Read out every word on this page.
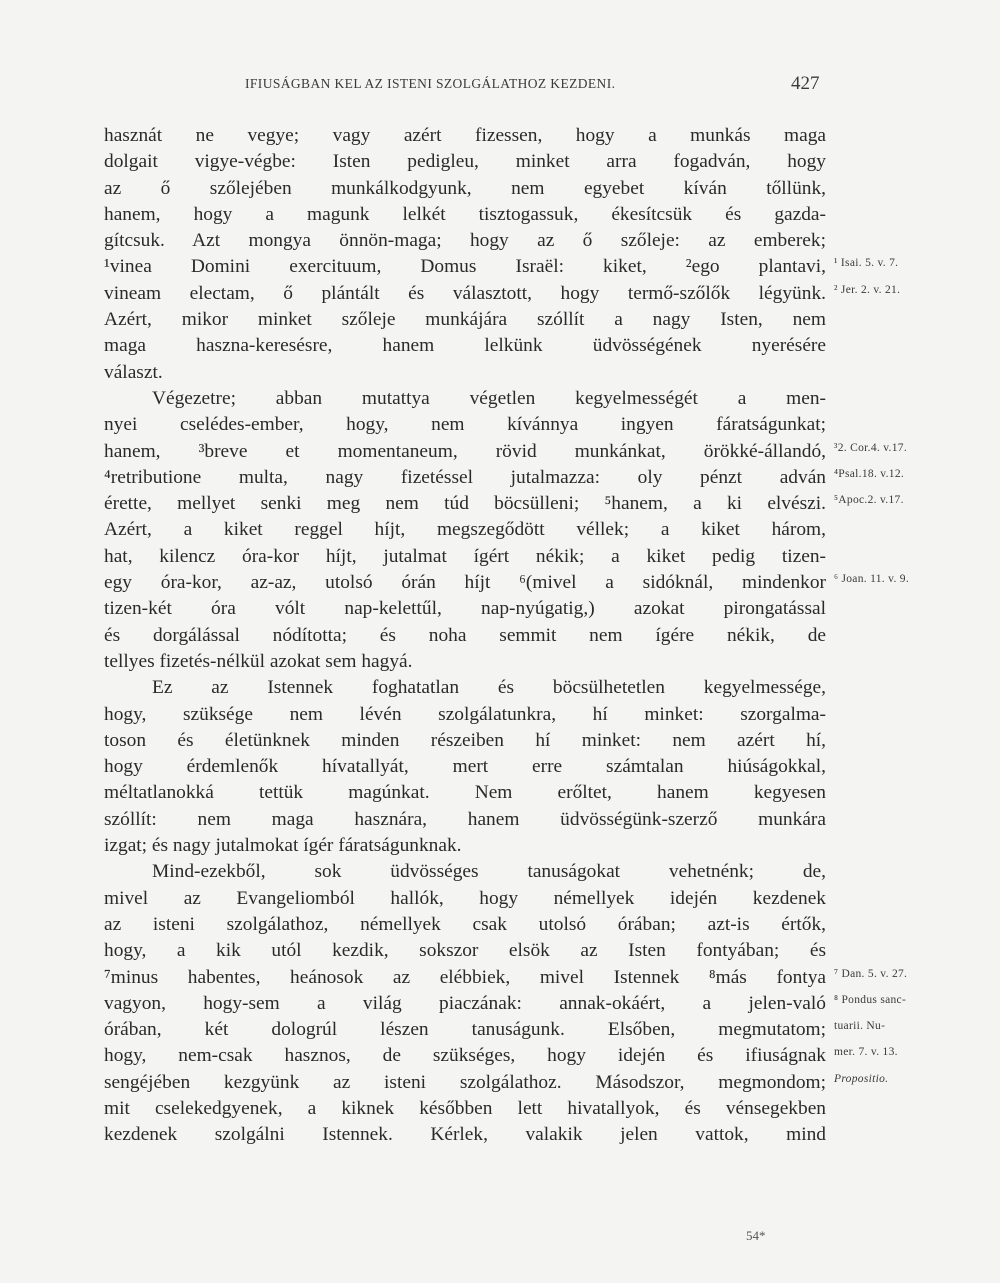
IFIUSÁGBAN KEL AZ ISTENI SZOLGÁLATHOZ KEZDENI.	427
hasznát ne vegye; vagy azért fizessen, hogy a munkás maga
dolgait vigye-végbe: Isten pedigleu, minket arra fogadván, hogy
az ő szőlejében munkálkodgyunk, nem egyebet kíván tőllünk,
hanem, hogy a magunk lelkét tisztogassuk, ékesítcsük és gazda-
gítcsuk. Azt mongya önnön-maga; hogy az ő szőleje: az emberek;
¹vinea Domini exercituum, Domus Israël: kiket, ²ego plantavi, ¹ Isai. 5. v. 7.
vineam electam, ő plántált és választott, hogy termő-szőlők légyünk. ² Jer. 2. v. 21.
Azért, mikor minket szőleje munkájára szóllít a nagy Isten, nem
maga haszna-keresésre, hanem lelkünk üdvösségének nyerésére
választ.
Végezetre; abban mutattya végetlen kegyelmességét a men-
nyei cselédes-ember, hogy, nem kívánnya ingyen fáratságunkat;
hanem, ³breve et momentaneum, rövid munkánkat, örökké-állandó, ³2. Cor.4. v.17.
⁴retributione multa, nagy fizetéssel jutalmazza: oly pénzt adván ⁴Psal.18. v.12.
érette, mellyet senki meg nem túd böcsülleni; ⁵hanem, a ki elvészi. ⁵Apoc.2. v.17.
Azért, a kiket reggel híjt, megszegődött véllek; a kiket három,
hat, kilencz óra-kor híjt, jutalmat ígért nékik; a kiket pedig tizen-
egy óra-kor, az-az, utolsó órán híjt ⁶(mivel a sidóknál, mindenkor ⁶ Joan. 11. v. 9.
tizen-két óra vólt nap-kelettűl, nap-nyúgatig,) azokat pirongatással
és dorgálással nódította; és noha semmit nem ígére nékik, de
tellyes fizetés-nélkül azokat sem hagyá.
Ez az Istennek foghatatlan és böcsülhetetlen kegyelmessége,
hogy, szüksége nem lévén szolgálatunkra, hí minket: szorgalma-
toson és életünknek minden részeiben hí minket: nem azért hí,
hogy érdemlenők hívatallyát, mert erre számtalan hiúságokkal,
méltatlanokká tettük magúnkat. Nem erőltet, hanem kegyesen
szóllít: nem maga hasznára, hanem üdvösségünk-szerző munkára
izgat; és nagy jutalmokat ígér fáratságunknak.
Mind-ezekből, sok üdvösséges tanuságokat vehetnénk; de,
mivel az Evangeliomból hallók, hogy némellyek idején kezdenek
az isteni szolgálathoz, némellyek csak utolsó órában; azt-is értők,
hogy, a kik utól kezdik, sokszor elsök az Isten fontyában; és
⁷minus habentes, heánosok az elébbiek, mivel Istennek ⁸más fontya ⁷ Dan. 5. v. 27.
vagyon, hogy-sem a világ piaczának: annak-okáért, a jelen-való ⁸ Pondus sanc-
órában, két dologrúl lészen tanuságunk. Elsőben, megmutatom; tuarii. Nu-
hogy, nem-csak hasznos, de szükséges, hogy idején és ifiuságnak mer. 7. v. 13.
sengéjében kezgyünk az isteni szolgálathoz. Másodszor, megmondom; Propositio.
mit cselekedgyenek, a kiknek későbben lett hivatallyok, és vénsegekben
kezdenek szolgálni Istennek. Kérlek, valakik jelen vattok, mind
54*
